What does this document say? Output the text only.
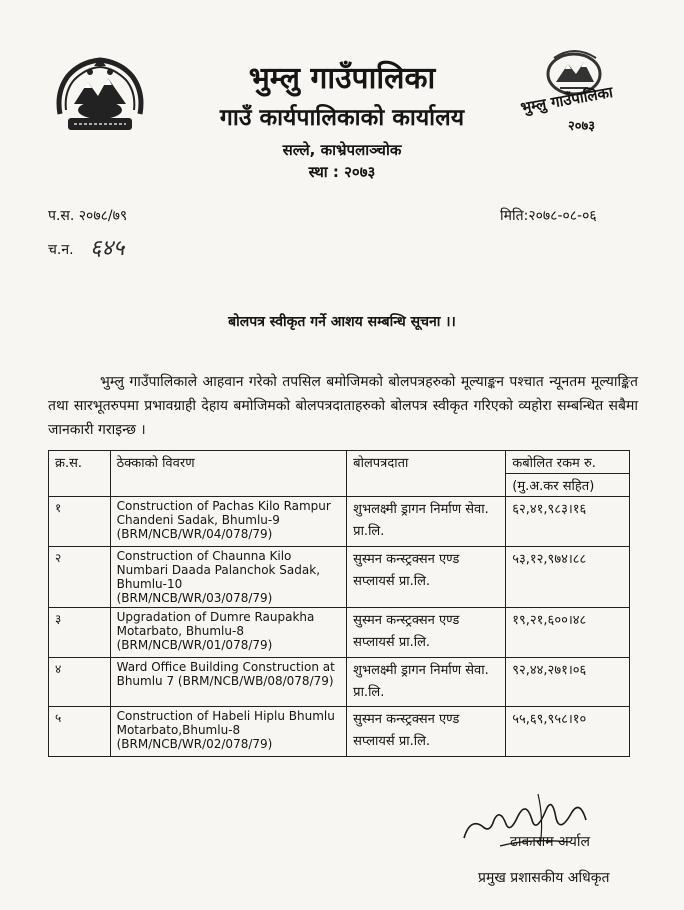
भुम्लु गाउँपालिका
२०७३
भुम्लु गाउँपालिका
गाउँ कार्यपालिकाको कार्यालय
सल्ले, काभ्रेपलाञ्चोक
स्था : २०७३
प.स. २०७८/७९	मिति:२०७८-०८-०६
च.न. ६४५
बोलपत्र स्वीकृत गर्ने आशय सम्बन्धि सूचना ।।
भुम्लु गाउँपालिकाले आहवान गरेको तपसिल बमोजिमको बोलपत्रहरुको मूल्याङ्कन पश्चात न्यूनतम मूल्याङ्कित तथा सारभूतरुपमा प्रभावग्राही देहाय बमोजिमको बोलपत्रदाताहरुको बोलपत्र स्वीकृत गरिएको व्यहोरा सम्बन्धित सबैमा जानकारी गराइन्छ ।
क्र.स.	ठेक्काको विवरण	बोलपत्रदाता	कबोलित रकम रु.
			(मु.अ.कर सहित)
१	Construction of Pachas Kilo Rampur Chandeni Sadak, Bhumlu-9 (BRM/NCB/WR/04/078/79)	शुभलक्ष्मी ड्रागन निर्माण सेवा. प्रा.लि.	६२,४१,९८३।१६
२	Construction of Chaunna Kilo Numbari Daada Palanchok Sadak, Bhumlu-10 (BRM/NCB/WR/03/078/79)	सुस्मन कन्स्ट्रक्सन एण्ड सप्लायर्स प्रा.लि.	५३,१२,९७४।८८
३	Upgradation of Dumre Raupakha Motarbato, Bhumlu-8 (BRM/NCB/WR/01/078/79)	सुस्मन कन्स्ट्रक्सन एण्ड सप्लायर्स प्रा.लि.	१९,२१,६००।४८
४	Ward Office Building Construction at Bhumlu 7 (BRM/NCB/WB/08/078/79)	शुभलक्ष्मी ड्रागन निर्माण सेवा. प्रा.लि.	९२,४४,२७१।०६
५	Construction of Habeli Hiplu Bhumlu Motarbato,Bhumlu-8 (BRM/NCB/WR/02/078/79)	सुस्मन कन्स्ट्रक्सन एण्ड सप्लायर्स प्रा.लि.	५५,६९,९५८।१०
ढाकाराम अर्याल
प्रमुख प्रशासकीय अधिकृत
